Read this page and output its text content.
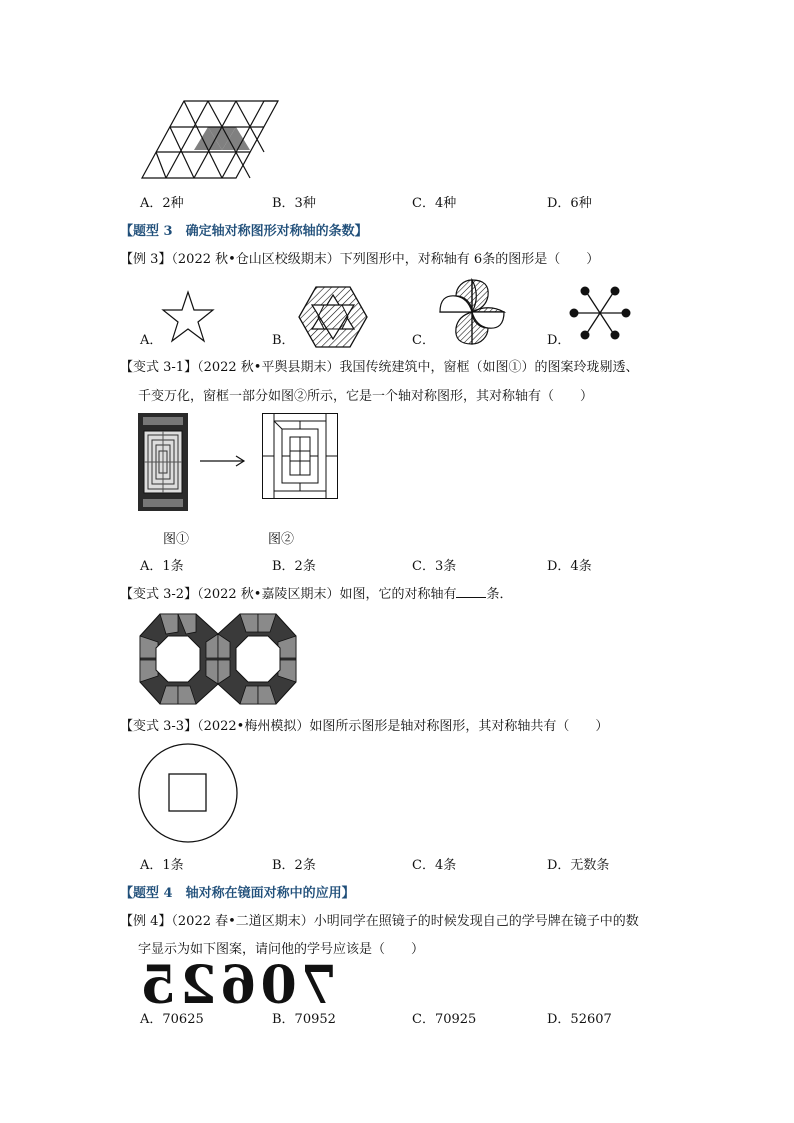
A．2种	B．3种	C．4种	D．6种
【题型 3　确定轴对称图形对称轴的条数】
【例 3】（2022 秋•仓山区校级期末）下列图形中，对称轴有 6条的图形是（　　）
A．	B．	C．	D．
【变式 3-1】（2022 秋•平舆县期末）我国传统建筑中，窗框（如图①）的图案玲珑剔透、
千变万化，窗框一部分如图②所示，它是一个轴对称图形，其对称轴有（　　）
图①	图②
A．1条	B．2条	C．3条	D．4条
【变式 3-2】（2022 秋•嘉陵区期末）如图，它的对称轴有 条．
【变式 3-3】（2022•梅州模拟）如图所示图形是轴对称图形，其对称轴共有（　　）
A．1条	B．2条	C．4条	D．无数条
【题型 4　轴对称在镜面对称中的应用】
【例 4】（2022 春•二道区期末）小明同学在照镜子的时候发现自己的学号牌在镜子中的数
字显示为如下图案，请问他的学号应该是（　　）
70625
A．70625	B．70952	C．70925	D．52607
